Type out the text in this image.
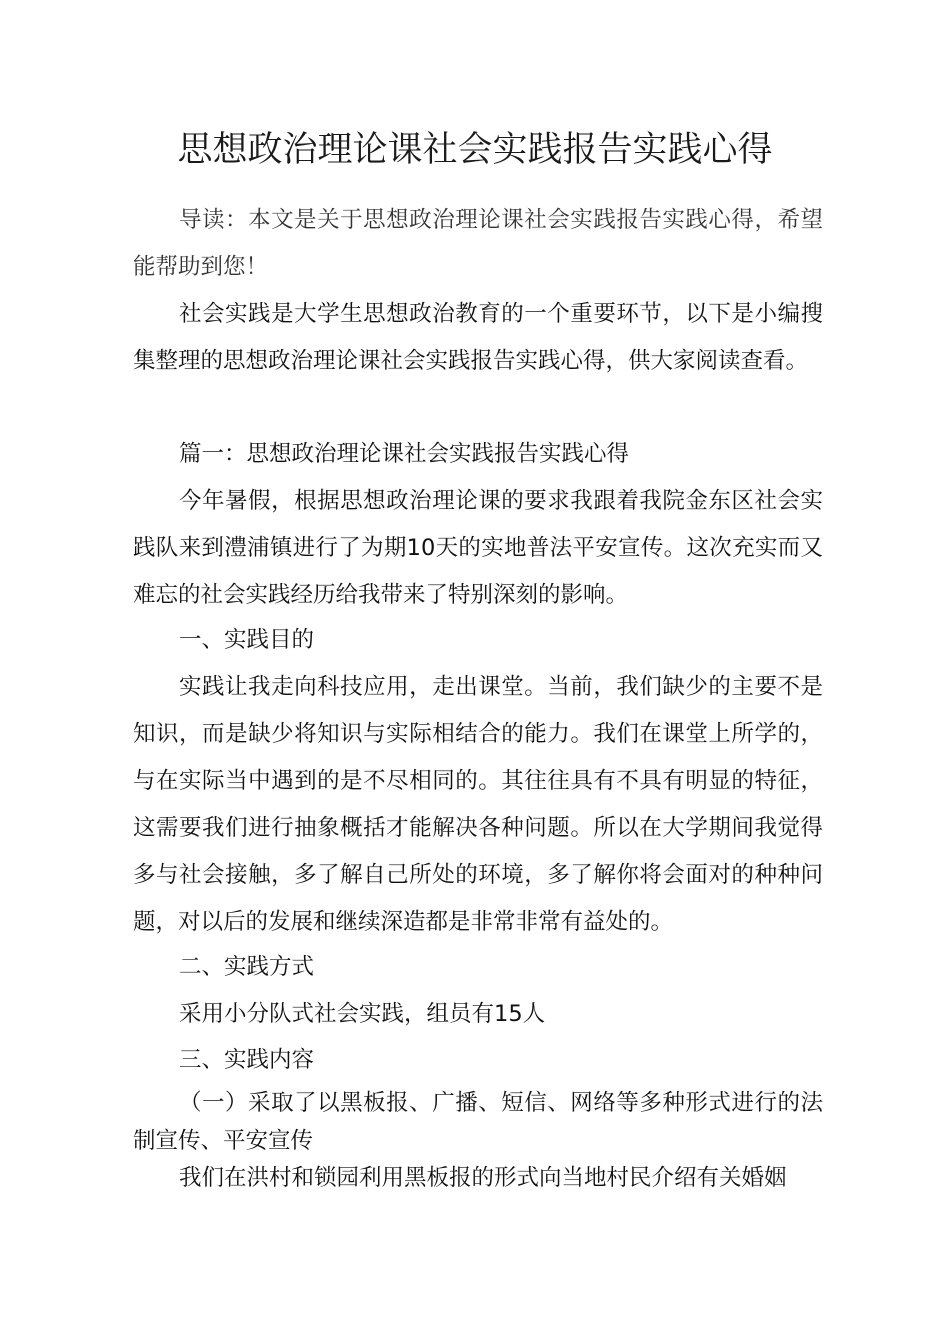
思想政治理论课社会实践报告实践心得

导读：本文是关于思想政治理论课社会实践报告实践心得，希望能帮助到您！

社会实践是大学生思想政治教育的一个重要环节，以下是小编搜集整理的思想政治理论课社会实践报告实践心得，供大家阅读查看。

篇一：思想政治理论课社会实践报告实践心得

今年暑假，根据思想政治理论课的要求我跟着我院金东区社会实践队来到澧浦镇进行了为期10天的实地普法平安宣传。这次充实而又难忘的社会实践经历给我带来了特别深刻的影响。

一、实践目的

实践让我走向科技应用，走出课堂。当前，我们缺少的主要不是知识，而是缺少将知识与实际相结合的能力。我们在课堂上所学的，与在实际当中遇到的是不尽相同的。其往往具有不具有明显的特征，这需要我们进行抽象概括才能解决各种问题。所以在大学期间我觉得多与社会接触，多了解自己所处的环境，多了解你将会面对的种种问题，对以后的发展和继续深造都是非常非常有益处的。

二、实践方式

采用小分队式社会实践，组员有15人

三、实践内容

（一）采取了以黑板报、广播、短信、网络等多种形式进行的法制宣传、平安宣传

我们在洪村和锁园利用黑板报的形式向当地村民介绍有关婚姻
